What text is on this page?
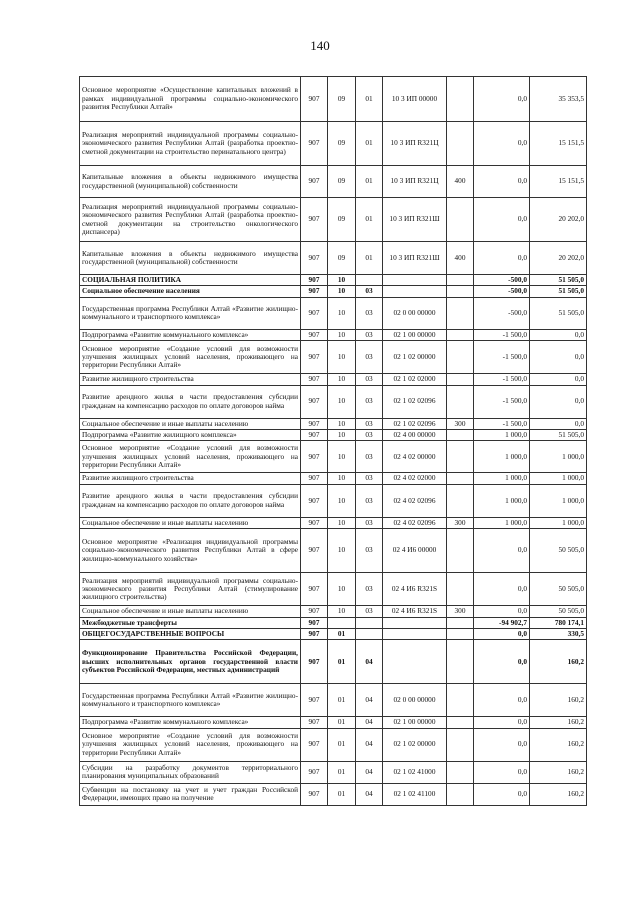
140
Основное мероприятие «Осуществление капитальных вложений в рамках индивидуальной программы социально-экономического развития Республики Алтай»	907	09	01	10 3 ИП 00000		0,0	35 353,5
Реализация мероприятий индивидуальной программы социально-экономического развития Республики Алтай (разработка проектно-сметной документации на строительство перинатального центра)	907	09	01	10 3 ИП R321Ц		0,0	15 151,5
Капитальные вложения в объекты недвижимого имущества государственной (муниципальной) собственности	907	09	01	10 3 ИП R321Ц	400	0,0	15 151,5
Реализация мероприятий индивидуальной программы социально-экономического развития Республики Алтай (разработка проектно-сметной документации на строительство онкологического диспансера)	907	09	01	10 3 ИП R321Ш		0,0	20 202,0
Капитальные вложения в объекты недвижимого имущества государственной (муниципальной) собственности	907	09	01	10 3 ИП R321Ш	400	0,0	20 202,0
СОЦИАЛЬНАЯ ПОЛИТИКА	907	10				-500,0	51 505,0
Социальное обеспечение населения	907	10	03			-500,0	51 505,0
Государственная программа Республики Алтай «Развитие жилищно-коммунального и транспортного комплекса»	907	10	03	02 0 00 00000		-500,0	51 505,0
Подпрограмма «Развитие коммунального комплекса»	907	10	03	02 1 00 00000		-1 500,0	0,0
Основное мероприятие «Создание условий для возможности улучшения жилищных условий населения, проживающего на территории Республики Алтай»	907	10	03	02 1 02 00000		-1 500,0	0,0
Развитие жилищного строительства	907	10	03	02 1 02 02000		-1 500,0	0,0
Развитие арендного жилья в части предоставления субсидии гражданам на компенсацию расходов по оплате договоров найма	907	10	03	02 1 02 02096		-1 500,0	0,0
Социальное обеспечение и иные выплаты населению	907	10	03	02 1 02 02096	300	-1 500,0	0,0
Подпрограмма «Развитие жилищного комплекса»	907	10	03	02 4 00 00000		1 000,0	51 505,0
Основное мероприятие «Создание условий для возможности улучшения жилищных условий населения, проживающего на территории Республики Алтай»	907	10	03	02 4 02 00000		1 000,0	1 000,0
Развитие жилищного строительства	907	10	03	02 4 02 02000		1 000,0	1 000,0
Развитие арендного жилья в части предоставления субсидии гражданам на компенсацию расходов по оплате договоров найма	907	10	03	02 4 02 02096		1 000,0	1 000,0
Социальное обеспечение и иные выплаты населению	907	10	03	02 4 02 02096	300	1 000,0	1 000,0
Основное мероприятие «Реализация индивидуальной программы социально-экономического развития Республики Алтай в сфере жилищно-коммунального хозяйства»	907	10	03	02 4 И6 00000		0,0	50 505,0
Реализация мероприятий индивидуальной программы социально-экономического развития Республики Алтай (стимулирование жилищного строительства)	907	10	03	02 4 И6 R321S		0,0	50 505,0
Социальное обеспечение и иные выплаты населению	907	10	03	02 4 И6 R321S	300	0,0	50 505,0
Межбюджетные трансферты	907					-94 902,7	780 174,1
ОБЩЕГОСУДАРСТВЕННЫЕ ВОПРОСЫ	907	01				0,0	330,5
Функционирование Правительства Российской Федерации, высших исполнительных органов государственной власти субъектов Российской Федерации, местных администраций	907	01	04			0,0	160,2
Государственная программа Республики Алтай «Развитие жилищно-коммунального и транспортного комплекса»	907	01	04	02 0 00 00000		0,0	160,2
Подпрограмма «Развитие коммунального комплекса»	907	01	04	02 1 00 00000		0,0	160,2
Основное мероприятие «Создание условий для возможности улучшения жилищных условий населения, проживающего на территории Республики Алтай»	907	01	04	02 1 02 00000		0,0	160,2
Субсидии на разработку документов территориального планирования муниципальных образований	907	01	04	02 1 02 41000		0,0	160,2
Субвенции на постановку на учет и учет граждан Российской Федерации, имеющих право на получение	907	01	04	02 1 02 41100		0,0	160,2
